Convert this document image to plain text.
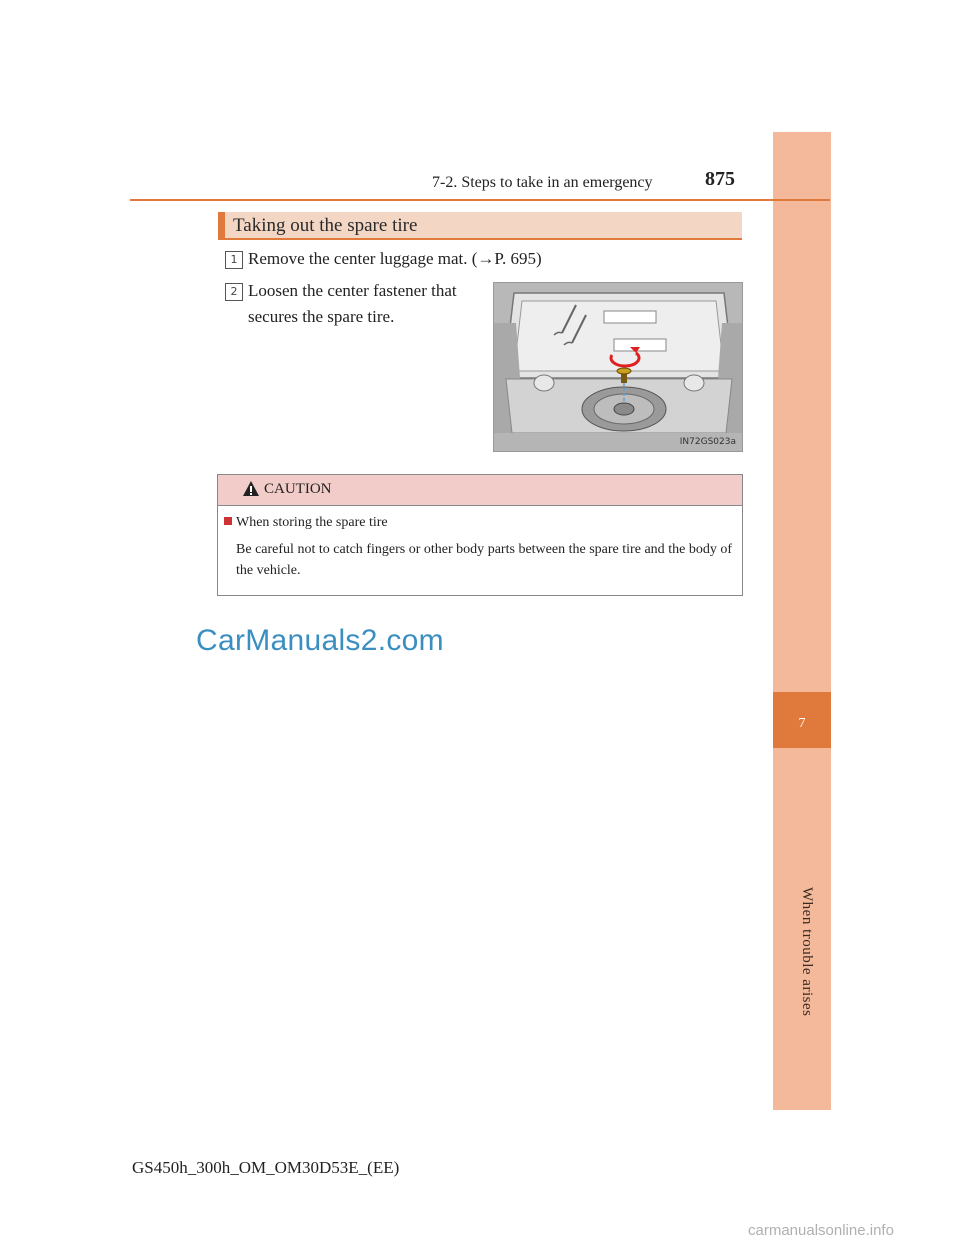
7
When trouble arises
7-2. Steps to take in an emergency	875
Taking out the spare tire
1 Remove the center luggage mat. (→P. 695)
2 Loosen the center fastener that
secures the spare tire.
IN72GS023a
CAUTION
When storing the spare tire
Be careful not to catch fingers or other body parts between the spare tire and the body of the vehicle.
CarManuals2.com
GS450h_300h_OM_OM30D53E_(EE)
carmanualsonline.info
